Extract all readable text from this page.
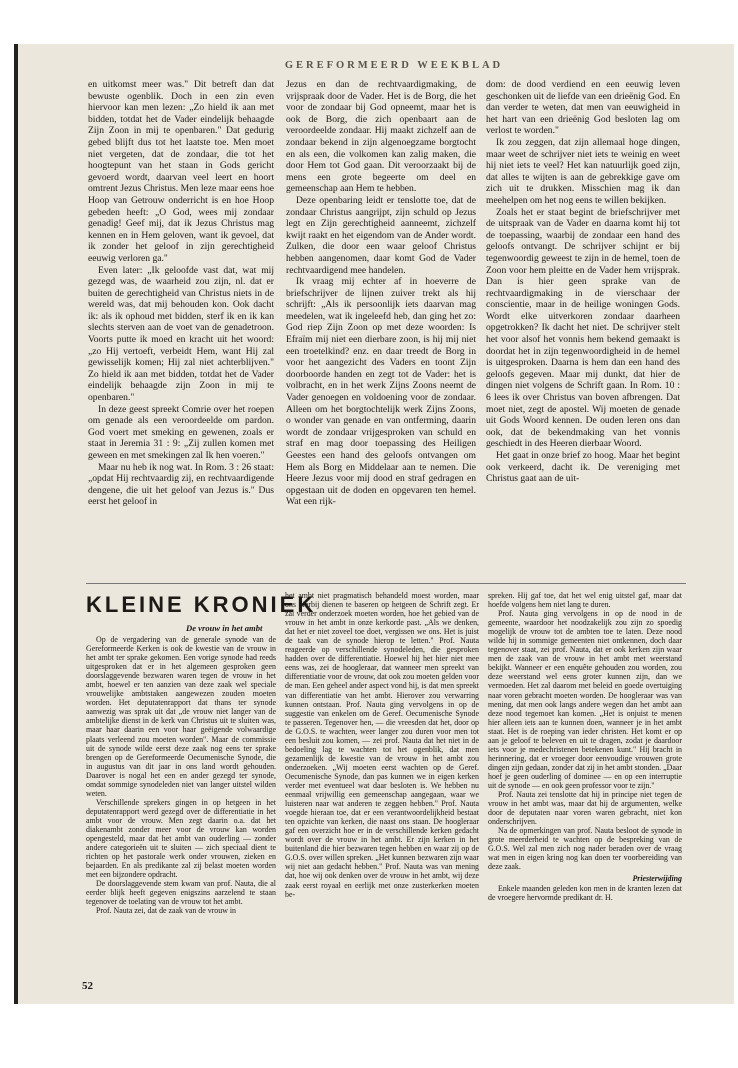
GEREFORMEERD WEEKBLAD

en uitkomst meer was." Dit betreft dan dat bewuste ogenblik. Doch in een zin even hiervoor kan men lezen: „Zo hield ik aan met bidden, totdat het de Vader eindelijk behaagde Zijn Zoon in mij te openbaren." Dat gedurig gebed blijft dus tot het laatste toe. Men moet niet vergeten, dat de zondaar, die tot het hoogtepunt van het staan in Gods gericht gevoerd wordt, daarvan veel leert en hoort omtrent Jezus Christus. Men leze maar eens hoe Hoop van Getrouw onderricht is en hoe Hoop gebeden heeft: „O God, wees mij zondaar genadig! Geef mij, dat ik Jezus Christus mag kennen en in Hem geloven, want ik gevoel, dat ik zonder het geloof in zijn gerechtigheid eeuwig verloren ga."

Even later: „Ik geloofde vast dat, wat mij gezegd was, de waarheid zou zijn, nl. dat er buiten de gerechtigheid van Christus niets in de wereld was, dat mij behouden kon. Ook dacht ik: als ik ophoud met bidden, sterf ik en ik kan slechts sterven aan de voet van de genadetroon. Voorts putte ik moed en kracht uit het woord: „zo Hij vertoeft, verbeidt Hem, want Hij zal gewisselijk komen; Hij zal niet achterblijven." Zo hield ik aan met bidden, totdat het de Vader eindelijk behaagde zijn Zoon in mij te openbaren."

In deze geest spreekt Comrie over het roepen om genade als een veroordeelde om pardon. God voert met smeking en gewenen, zoals er staat in Jeremia 31 : 9: „Zij zullen komen met geween en met smekingen zal Ik hen voeren."

Maar nu heb ik nog wat. In Rom. 3 : 26 staat: „opdat Hij rechtvaardig zij, en rechtvaardigende dengene, die uit het geloof van Jezus is." Dus eerst het geloof in

Jezus en dan de rechtvaardigmaking, de vrijspraak door de Vader. Het is de Borg, die het voor de zondaar bij God opneemt, maar het is ook de Borg, die zich openbaart aan de veroordeelde zondaar. Hij maakt zichzelf aan de zondaar bekend in zijn algenoegzame borgtocht en als een, die volkomen kan zalig maken, die door Hem tot God gaan. Dit veroorzaakt bij de mens een grote begeerte om deel en gemeenschap aan Hem te hebben.

Deze openbaring leidt er tenslotte toe, dat de zondaar Christus aangrijpt, zijn schuld op Jezus legt en Zijn gerechtigheid aanneemt, zichzelf kwijt raakt en het eigendom van de Ander wordt. Zulken, die door een waar geloof Christus hebben aangenomen, daar komt God de Vader rechtvaardigend mee handelen.

Ik vraag mij echter af in hoeverre de briefschrijver de lijnen zuiver trekt als hij schrijft: „Als ik persoonlijk iets daarvan mag meedelen, wat ik ingeleefd heb, dan ging het zo: God riep Zijn Zoon op met deze woorden: Is Efraïm mij niet een dierbare zoon, is hij mij niet een troetelkind? enz. en daar treedt de Borg in voor het aangezicht des Vaders en toont Zijn doorboorde handen en zegt tot de Vader: het is volbracht, en in het werk Zijns Zoons neemt de Vader genoegen en voldoening voor de zondaar. Alleen om het borgtochtelijk werk Zijns Zoons, o wonder van genade en van ontferming, daarin wordt de zondaar vrijgesproken van schuld en straf en mag door toepassing des Heiligen Geestes een hand des geloofs ontvangen om Hem als Borg en Middelaar aan te nemen. Die Heere Jezus voor mij dood en straf gedragen en opgestaan uit de doden en opgevaren ten hemel. Wat een rijk-

dom: de dood verdiend en een eeuwig leven geschonken uit de liefde van een drieënig God. En dan verder te weten, dat men van eeuwigheid in het hart van een drieënig God besloten lag om verlost te worden."

Ik zou zeggen, dat zijn allemaal hoge dingen, maar weet de schrijver niet iets te weinig en weet hij niet iets te veel? Het kan natuurlijk goed zijn, dat alles te wijten is aan de gebrekkige gave om zich uit te drukken. Misschien mag ik dan meehelpen om het nog eens te willen bekijken.

Zoals het er staat begint de briefschrijver met de uitspraak van de Vader en daarna komt hij tot de toepassing, waarbij de zondaar een hand des geloofs ontvangt. De schrijver schijnt er bij tegenwoordig geweest te zijn in de hemel, toen de Zoon voor hem pleitte en de Vader hem vrijsprak. Dan is hier geen sprake van de rechtvaardigmaking in de vierschaar der conscientie, maar in de heilige woningen Gods. Wordt elke uitverkoren zondaar daarheen opgetrokken? Ik dacht het niet. De schrijver stelt het voor alsof het vonnis hem bekend gemaakt is doordat het in zijn tegenwoordigheid in de hemel is uitgesproken. Daarna is hem dan een hand des geloofs gegeven. Maar mij dunkt, dat hier de dingen niet volgens de Schrift gaan. In Rom. 10 : 6 lees ik over Christus van boven afbrengen. Dat moet niet, zegt de apostel. Wij moeten de genade uit Gods Woord kennen. De ouden leren ons dan ook, dat de bekendmaking van het vonnis geschiedt in des Heeren dierbaar Woord.

Het gaat in onze brief zo hoog. Maar het begint ook verkeerd, dacht ik. De vereniging met Christus gaat aan de uit-

KLEINE KRONIEK
De vrouw in het ambt

Op de vergadering van de generale synode van de Gereformeerde Kerken is ook de kwestie van de vrouw in het ambt ter sprake gekomen. Een vorige synode had reeds uitgesproken dat er in het algemeen gesproken geen doorslaggevende bezwaren waren tegen de vrouw in het ambt, hoewel er ten aanzien van deze zaak wel speciale vrouwelijke ambtstaken aangewezen zouden moeten worden. Het deputatenrapport dat thans ter synode aanwezig was sprak uit dat „de vrouw niet langer van de ambtelijke dienst in de kerk van Christus uit te sluiten was, maar haar daarin een voor haar geëigende volwaardige plaats verleend zou moeten worden". Maar de commissie uit de synode wilde eerst deze zaak nog eens ter sprake brengen op de Gereformeerde Oecumenische Synode, die in augustus van dit jaar in ons land wordt gehouden. Daarover is nogal het een en ander gezegd ter synode, omdat sommige synodeleden niet van langer uitstel wilden weten.

Verschillende sprekers gingen in op hetgeen in het deputatenrapport werd gezegd over de differentiatie in het ambt voor de vrouw. Men zegt daarin o.a. dat het diakenambt zonder meer voor de vrouw kan worden opengesteld, maar dat het ambt van ouderling — zonder andere categorieën uit te sluiten — zich speciaal dient te richten op het pastorale werk onder vrouwen, zieken en bejaarden. En als predikante zal zij belast moeten worden met een bijzondere opdracht.

De doorslaggevende stem kwam van prof. Nauta, die al eerder blijk heeft gegeven enigszins aarzelend te staan tegenover de toelating van de vrouw tot het ambt.

Prof. Nauta zei, dat de zaak van de vrouw in

het ambt niet pragmatisch behandeld moest worden, maar ons hierbij dienen te baseren op hetgeen de Schrift zegt. Er zal verder onderzoek moeten worden, hoe het gebied van de vrouw in het ambt in onze kerkorde past. „Als we denken, dat het er niet zoveel toe doet, vergissen we ons. Het is juist de taak van de synode hierop te letten." Prof. Nauta reageerde op verschillende synodeleden, die gesproken hadden over de differentiatie. Hoewel hij het hier niet mee eens was, zei de hoogleraar, dat wanneer men spreekt van differentiatie voor de vrouw, dat ook zou moeten gelden voor de man. Een geheel ander aspect vond hij, is dat men spreekt van differentiatie van het ambt. Hierover zou verwarring kunnen ontstaan. Prof. Nauta ging vervolgens in op de suggestie van enkelen om de Geref. Oecumenische Synode te passeren. Tegenover hen, — die vreesden dat het, door op de G.O.S. te wachten, weer langer zou duren voor men tot een besluit zou komen, — zei prof. Nauta dat het niet in de bedoeling lag te wachten tot het ogenblik, dat men gezamenlijk de kwestie van de vrouw in het ambt zou onderzoeken. „Wij moeten eerst wachten op de Geref. Oecumenische Synode, dan pas kunnen we in eigen kerken verder met eventueel wat daar besloten is. We hebben nu eenmaal vrijwillig een gemeenschap aangegaan, waar we luisteren naar wat anderen te zeggen hebben." Prof. Nauta voegde hieraan toe, dat er een verantwoordelijkheid bestaat ten opzichte van kerken, die naast ons staan. De hoogleraar gaf een overzicht hoe er in de verschillende kerken gedacht wordt over de vrouw in het ambt. Er zijn kerken in het buitenland die hier bezwaren tegen hebben en waar zij op de G.O.S. over willen spreken. „Het kunnen bezwaren zijn waar wij niet aan gedacht hebben." Prof. Nauta was van mening dat, hoe wij ook denken over de vrouw in het ambt, wij deze zaak eerst royaal en eerlijk met onze zusterkerken moeten be-

spreken. Hij gaf toe, dat het wel enig uitstel gaf, maar dat hoefde volgens hem niet lang te duren.

Prof. Nauta ging vervolgens in op de nood in de gemeente, waardoor het noodzakelijk zou zijn zo spoedig mogelijk de vrouw tot de ambten toe te laten. Deze nood wilde hij in sommige gemeenten niet ontkennen, doch daar tegenover staat, zei prof. Nauta, dat er ook kerken zijn waar men de zaak van de vrouw in het ambt met weerstand bekijkt. Wanneer er een enquête gehouden zou worden, zou deze weerstand wel eens groter kunnen zijn, dan we vermoeden. Het zal daarom met beleid en goede overtuiging naar voren gebracht moeten worden. De hoogleraar was van mening, dat men ook langs andere wegen dan het ambt aan deze nood tegemoet kan komen. „Het is onjuist te menen hier alleen iets aan te kunnen doen, wanneer je in het ambt staat. Het is de roeping van ieder christen. Het komt er op aan je geloof te beleven en uit te dragen, zodat je daardoor iets voor je medechristenen betekenen kunt." Hij bracht in herinnering, dat er vroeger door eenvoudige vrouwen grote dingen zijn gedaan, zonder dat zij in het ambt stonden. „Daar hoef je geen ouderling of dominee — en op een interruptie uit de synode — en ook geen professor voor te zijn."

Prof. Nauta zei tenslotte dat hij in principe niet tegen de vrouw in het ambt was, maar dat hij de argumenten, welke door de deputaten naar voren waren gebracht, niet kon onderschrijven.

Na de opmerkingen van prof. Nauta besloot de synode in grote meerderheid te wachten op de bespreking van de G.O.S. Wel zal men zich nog nader beraden over de vraag wat men in eigen kring nog kan doen ter voorbereiding van deze zaak.

Priesterwijding

Enkele maanden geleden kon men in de kranten lezen dat de vroegere hervormde predikant dr. H.

52
